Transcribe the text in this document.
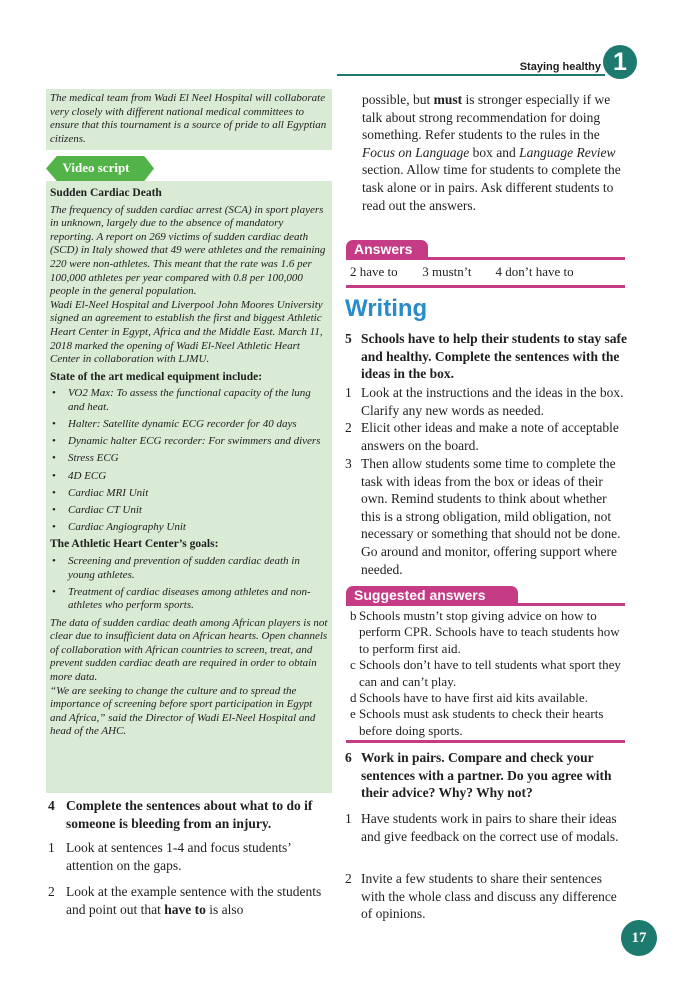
Staying healthy 1

The medical team from Wadi El Neel Hospital will collaborate very closely with different national medical committees to ensure that this tournament is a source of pride to all Egyptian citizens.

Video script
Sudden Cardiac Death

The frequency of sudden cardiac arrest (SCA) in sport players in unknown, largely due to the absence of mandatory reporting. A report on 269 victims of sudden cardiac death (SCD) in Italy showed that 49 were athletes and the remaining 220 were non-athletes. This meant that the rate was 1.6 per 100,000 athletes per year compared with 0.8 per 100,000 people in the general population.

Wadi El-Neel Hospital and Liverpool John Moores University signed an agreement to establish the first and biggest Athletic Heart Center in Egypt, Africa and the Middle East. March 11, 2018 marked the opening of Wadi El-Neel Athletic Heart Center in collaboration with LJMU.

State of the art medical equipment include:
• VO2 Max: To assess the functional capacity of the lung and heat.
• Halter: Satellite dynamic ECG recorder for 40 days
• Dynamic halter ECG recorder: For swimmers and divers
• Stress ECG
• 4D ECG
• Cardiac MRI Unit
• Cardiac CT Unit
• Cardiac Angiography Unit
The Athletic Heart Center’s goals:
• Screening and prevention of sudden cardiac death in young athletes.
• Treatment of cardiac diseases among athletes and non-athletes who perform sports.

The data of sudden cardiac death among African players is not clear due to insufficient data on African hearts. Open channels of collaboration with African countries to screen, treat, and prevent sudden cardiac death are required in order to obtain more data.

“We are seeking to change the culture and to spread the importance of screening before sport participation in Egypt and Africa,” said the Director of Wadi El-Neel Hospital and head of the AHC.

4 Complete the sentences about what to do if someone is bleeding from an injury.
1 Look at sentences 1-4 and focus students’ attention on the gaps.
2 Look at the example sentence with the students and point out that have to is also
possible, but must is stronger especially if we talk about strong recommendation for doing something. Refer students to the rules in the Focus on Language box and Language Review section. Allow time for students to complete the task alone or in pairs. Ask different students to read out the answers.
Answers
2 have to 3 mustn’t 4 don’t have to
Writing
5 Schools have to help their students to stay safe and healthy. Complete the sentences with the ideas in the box.
1 Look at the instructions and the ideas in the box. Clarify any new words as needed.
2 Elicit other ideas and make a note of acceptable answers on the board.
3 Then allow students some time to complete the task with ideas from the box or ideas of their own. Remind students to think about whether this is a strong obligation, mild obligation, not necessary or something that should not be done. Go around and monitor, offering support where needed.
Suggested answers
b Schools mustn’t stop giving advice on how to perform CPR. Schools have to teach students how to perform first aid.
c Schools don’t have to tell students what sport they can and can’t play.
d Schools have to have first aid kits available.
e Schools must ask students to check their hearts before doing sports.
6 Work in pairs. Compare and check your sentences with a partner. Do you agree with their advice? Why? Why not?
1 Have students work in pairs to share their ideas and give feedback on the correct use of modals.
2 Invite a few students to share their sentences with the whole class and discuss any difference of opinions.
17
